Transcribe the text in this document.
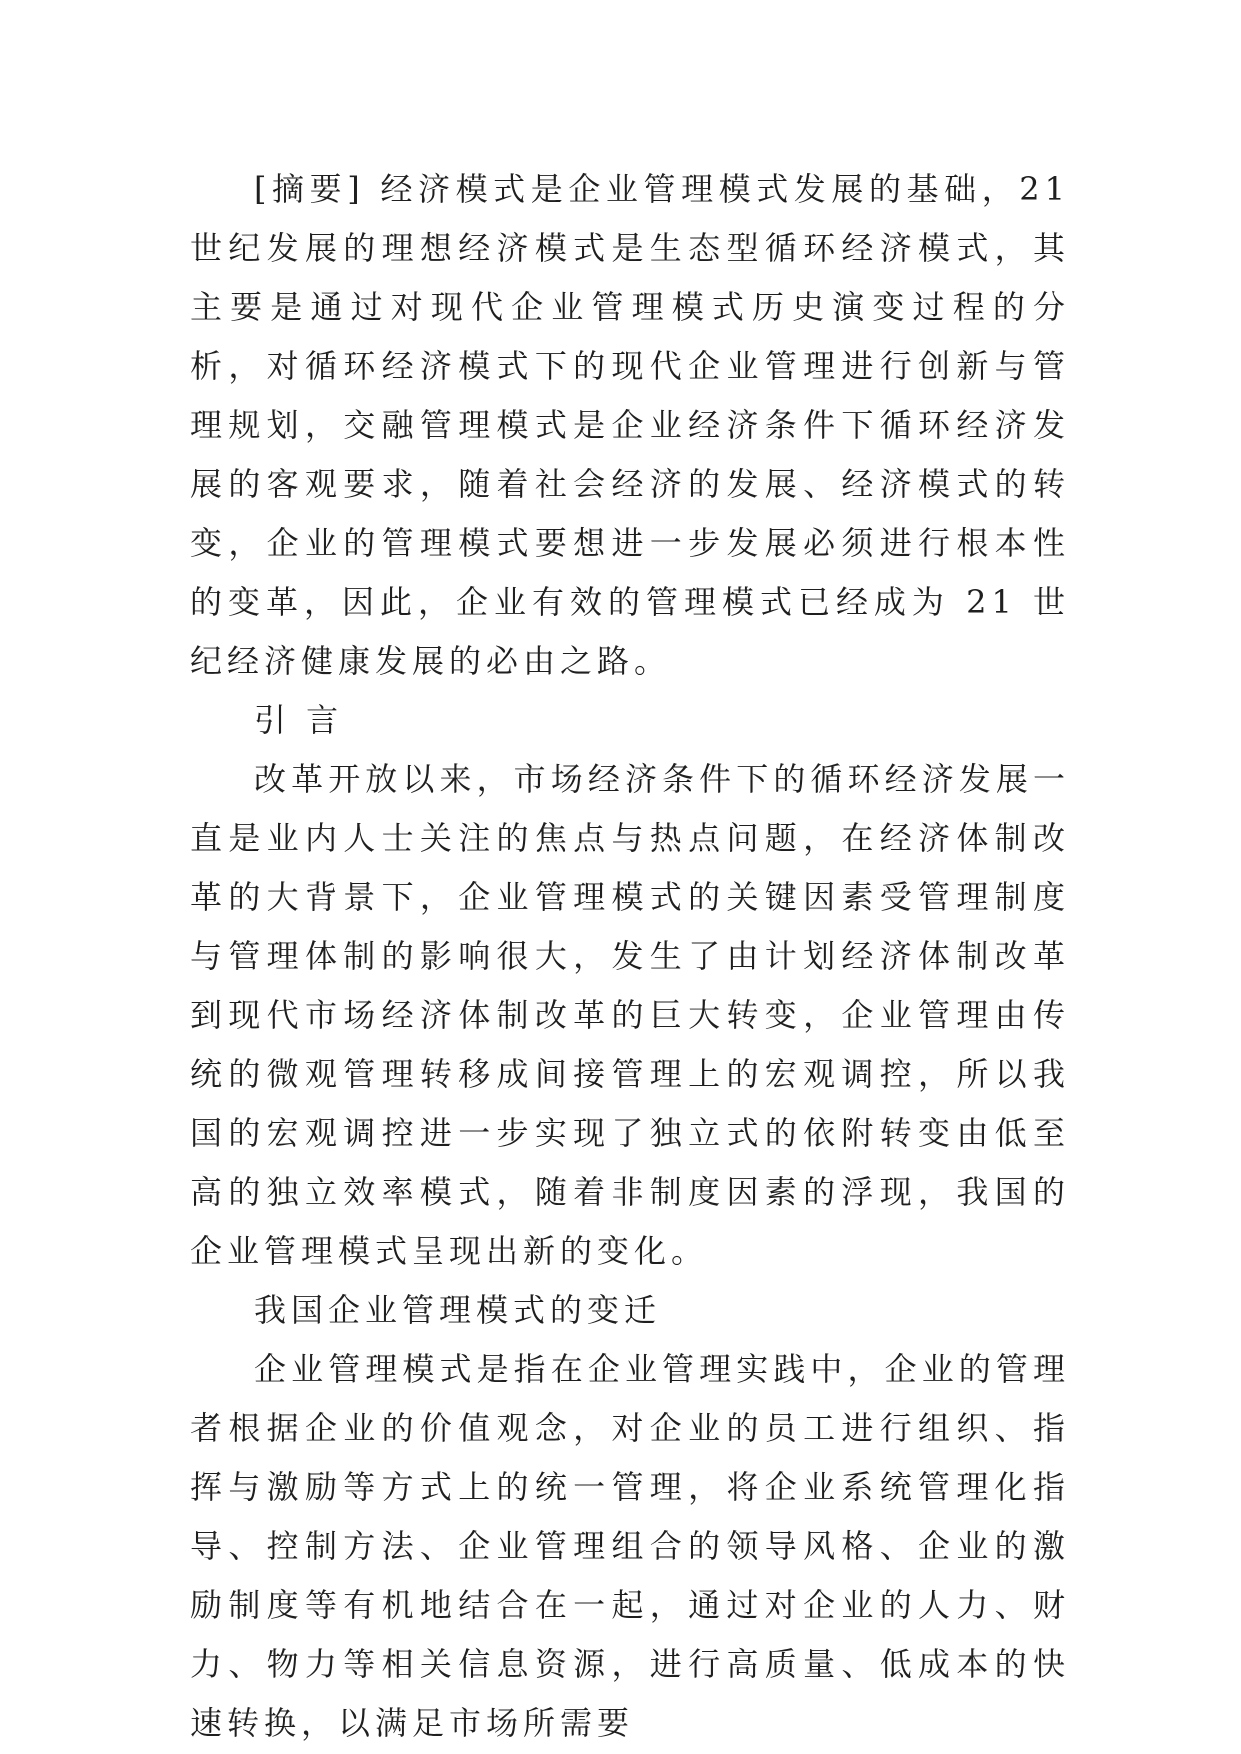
[摘要] 经济模式是企业管理模式发展的基础，21 世纪发展的理想经济模式是生态型循环经济模式，其主要是通过对现代企业管理模式历史演变过程的分析，对循环经济模式下的现代企业管理进行创新与管理规划，交融管理模式是企业经济条件下循环经济发展的客观要求，随着社会经济的发展、经济模式的转变，企业的管理模式要想进一步发展必须进行根本性的变革，因此，企业有效的管理模式已经成为 21 世纪经济健康发展的必由之路。

引 言

改革开放以来，市场经济条件下的循环经济发展一直是业内人士关注的焦点与热点问题，在经济体制改革的大背景下，企业管理模式的关键因素受管理制度与管理体制的影响很大，发生了由计划经济体制改革到现代市场经济体制改革的巨大转变，企业管理由传统的微观管理转移成间接管理上的宏观调控，所以我国的宏观调控进一步实现了独立式的依附转变由低至高的独立效率模式，随着非制度因素的浮现，我国的企业管理模式呈现出新的变化。

我国企业管理模式的变迁

企业管理模式是指在企业管理实践中，企业的管理者根据企业的价值观念，对企业的员工进行组织、指挥与激励等方式上的统一管理，将企业系统管理化指导、控制方法、企业管理组合的领导风格、企业的激励制度等有机地结合在一起，通过对企业的人力、财力、物力等相关信息资源，进行高质量、低成本的快速转换，以满足市场所需要
